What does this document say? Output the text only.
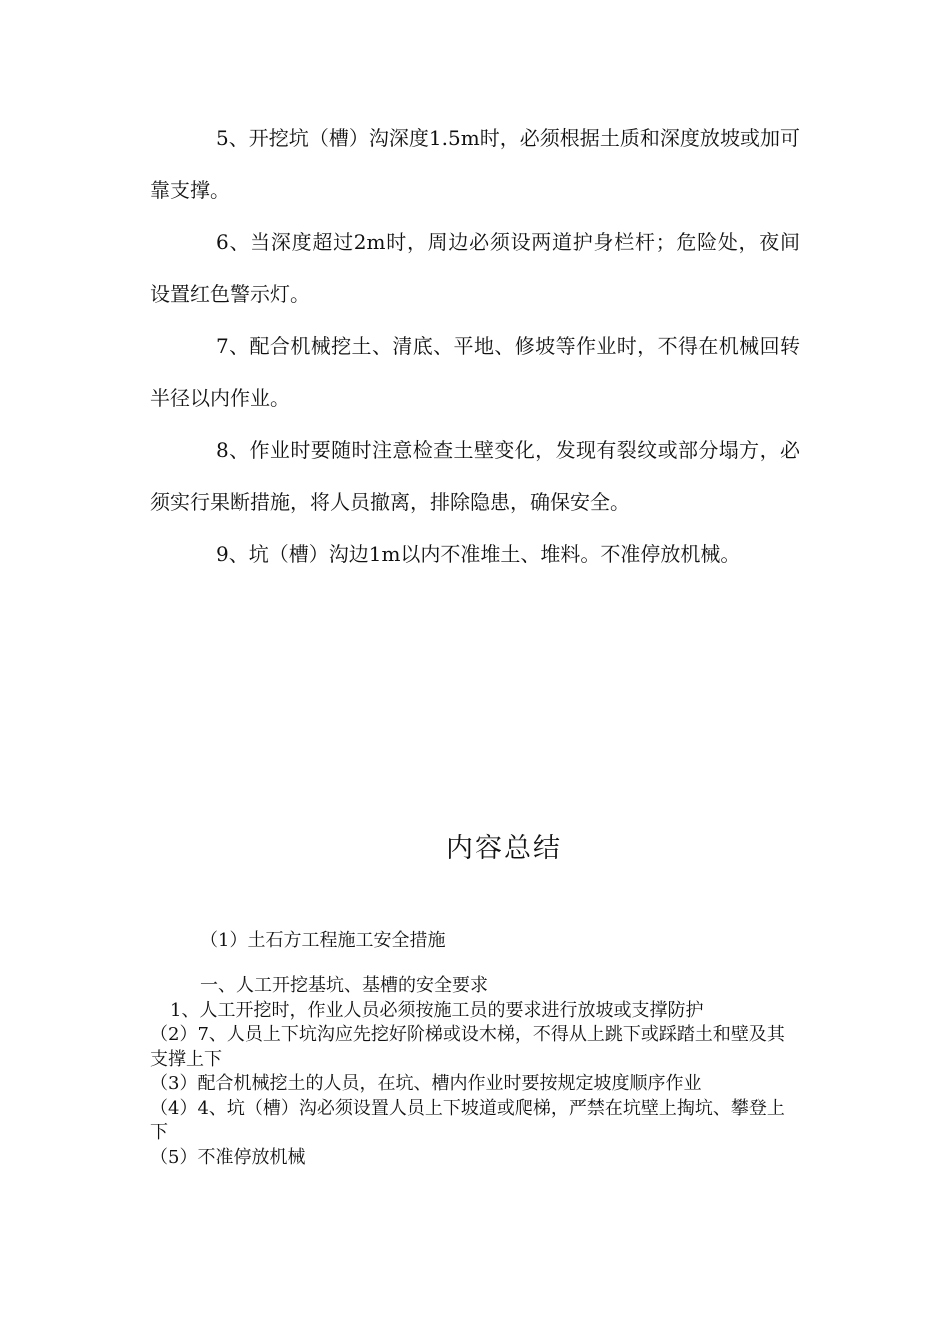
5、开挖坑（槽）沟深度1.5m时，必须根据土质和深度放坡或加可靠支撑。

6、当深度超过2m时，周边必须设两道护身栏杆；危险处，夜间设置红色警示灯。

7、配合机械挖土、清底、平地、修坡等作业时，不得在机械回转半径以内作业。

8、作业时要随时注意检查土壁变化，发现有裂纹或部分塌方，必须实行果断措施，将人员撤离，排除隐患，确保安全。

9、坑（槽）沟边1m以内不准堆土、堆料。不准停放机械。

内容总结
（1）土石方工程施工安全措施

一、人工开挖基坑、基槽的安全要求

1、人工开挖时，作业人员必须按施工员的要求进行放坡或支撑防护

（2）7、人员上下坑沟应先挖好阶梯或设木梯，不得从上跳下或踩踏土和壁及其支撑上下

（3）配合机械挖土的人员，在坑、槽内作业时要按规定坡度顺序作业

（4）4、坑（槽）沟必须设置人员上下坡道或爬梯，严禁在坑壁上掏坑、攀登上下

（5）不准停放机械
